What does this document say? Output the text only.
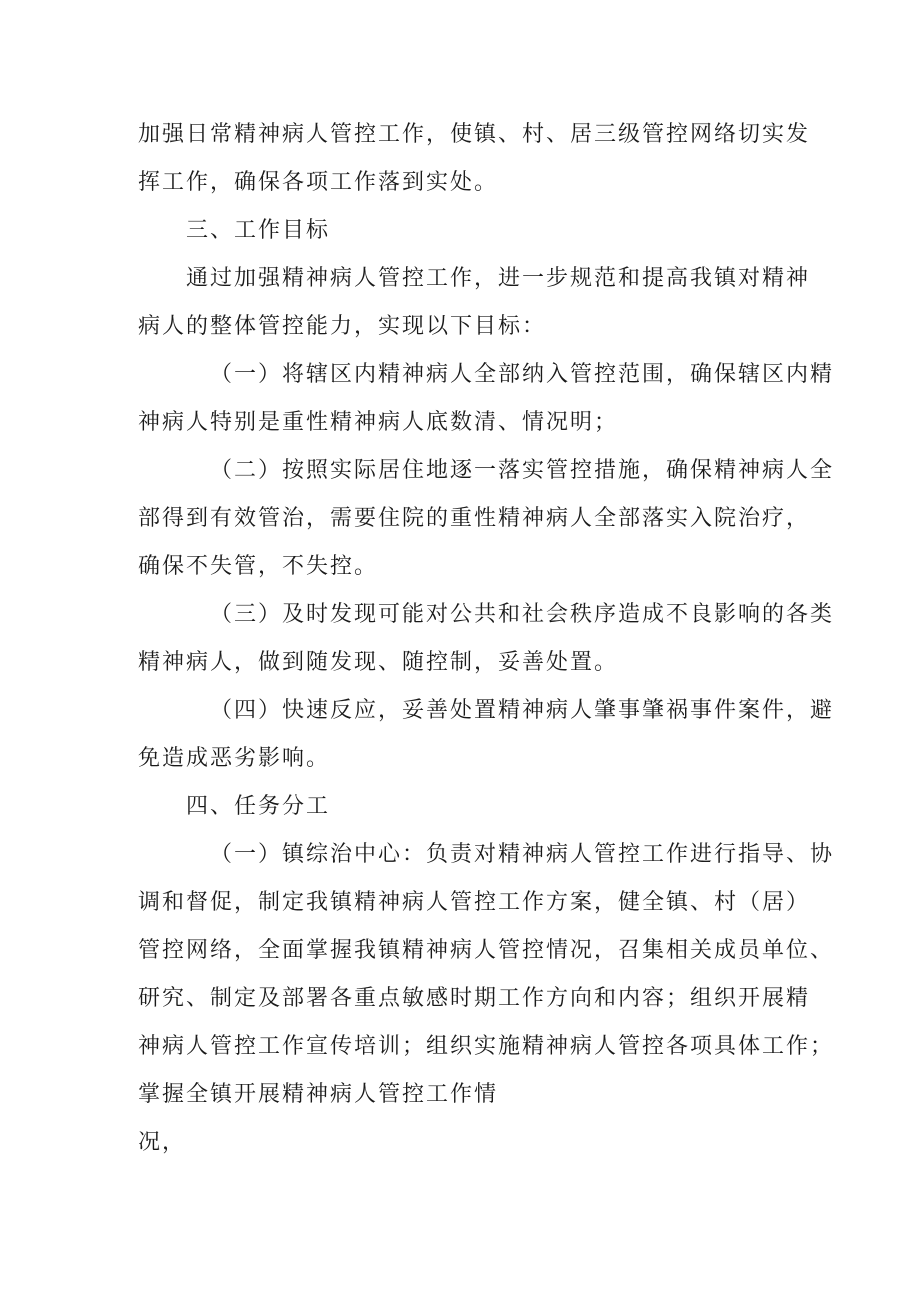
加强日常精神病人管控工作，使镇、村、居三级管控网络切实发
挥工作，确保各项工作落到实处。
三、工作目标
通过加强精神病人管控工作，进一步规范和提高我镇对精神
病人的整体管控能力，实现以下目标：
（一）将辖区内精神病人全部纳入管控范围，确保辖区内精
神病人特别是重性精神病人底数清、情况明；
（二）按照实际居住地逐一落实管控措施，确保精神病人全
部得到有效管治，需要住院的重性精神病人全部落实入院治疗，
确保不失管，不失控。
（三）及时发现可能对公共和社会秩序造成不良影响的各类
精神病人，做到随发现、随控制，妥善处置。
（四）快速反应，妥善处置精神病人肇事肇祸事件案件，避
免造成恶劣影响。
四、任务分工
（一）镇综治中心：负责对精神病人管控工作进行指导、协
调和督促，制定我镇精神病人管控工作方案，健全镇、村（居）
管控网络，全面掌握我镇精神病人管控情况，召集相关成员单位、
研究、制定及部署各重点敏感时期工作方向和内容；组织开展精
神病人管控工作宣传培训；组织实施精神病人管控各项具体工作；
掌握全镇开展精神病人管控工作情
况，
